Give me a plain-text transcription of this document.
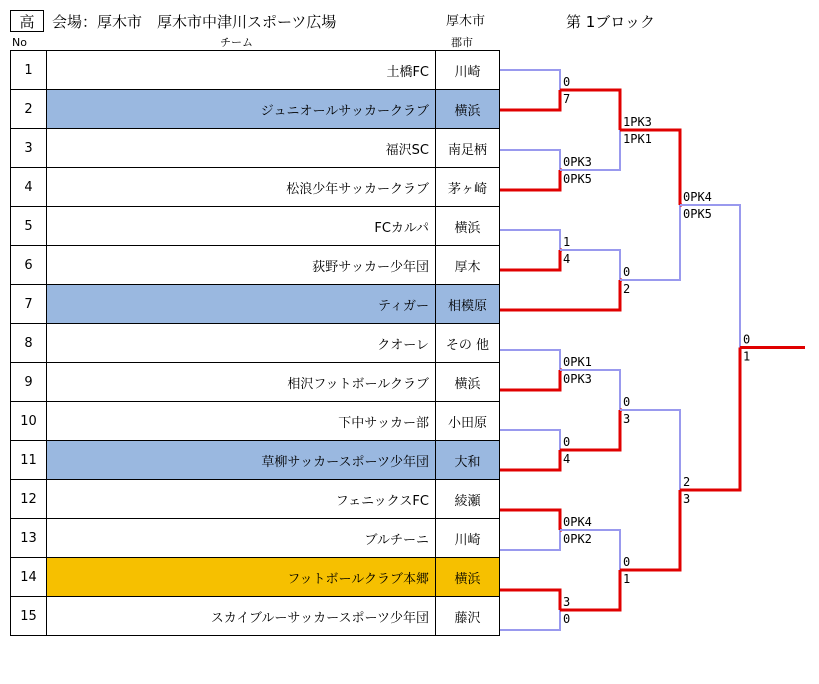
高	会場：厚木市　厚木市中津川スポーツ広場	厚木市	第 1ブロック
No	チーム	郡市
1	土橋FC	川崎
2	ジュニオールサッカークラブ	横浜
3	福沢SC	南足柄
4	松浪少年サッカークラブ	茅ヶ崎
5	FCカルパ	横浜
6	荻野サッカー少年団	厚木
7	ティガー	相模原
8	クオーレ	その 他
9	相沢フットボールクラブ	横浜
10	下中サッカー部	小田原
11	草柳サッカースポーツ少年団	大和
12	フェニックスFC	綾瀬
13	ブルチーニ	川崎
14	フットボールクラブ本郷	横浜
15	スカイブルーサッカースポーツ少年団	藤沢
0
7
0PK3
0PK5
1
4
0PK1
0PK3
0
4
0PK4
0PK2
3
0
1PK3
1PK1
0
2
0
3
0
1
0PK4
0PK5
2
3
0
1
